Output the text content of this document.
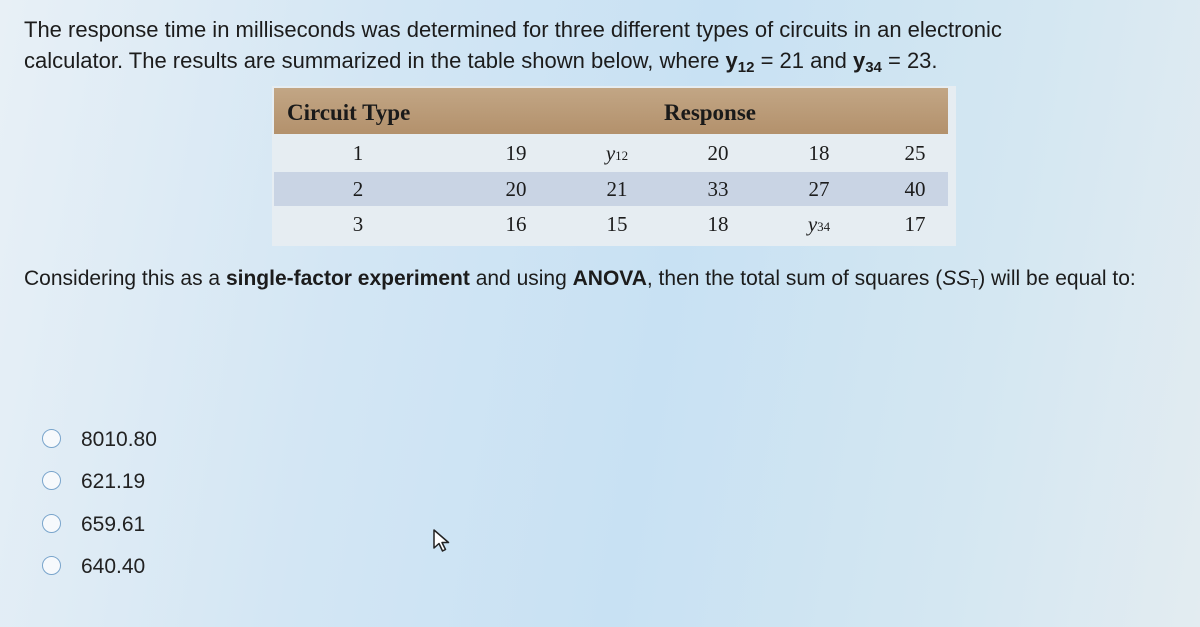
The response time in milliseconds was determined for three different types of circuits in an electronic
calculator. The results are summarized in the table shown below, where $y_{12} = 21$ and $y_{34} = 23$.
Circuit Type	Response
1	19	y12	20	18	25
2	20	21	33	27	40
3	16	15	18	y34	17
Considering this as a single-factor experiment and using ANOVA, then the total sum of squares $(SS_T)$ will be equal to:
8010.80
621.19
659.61
640.40
